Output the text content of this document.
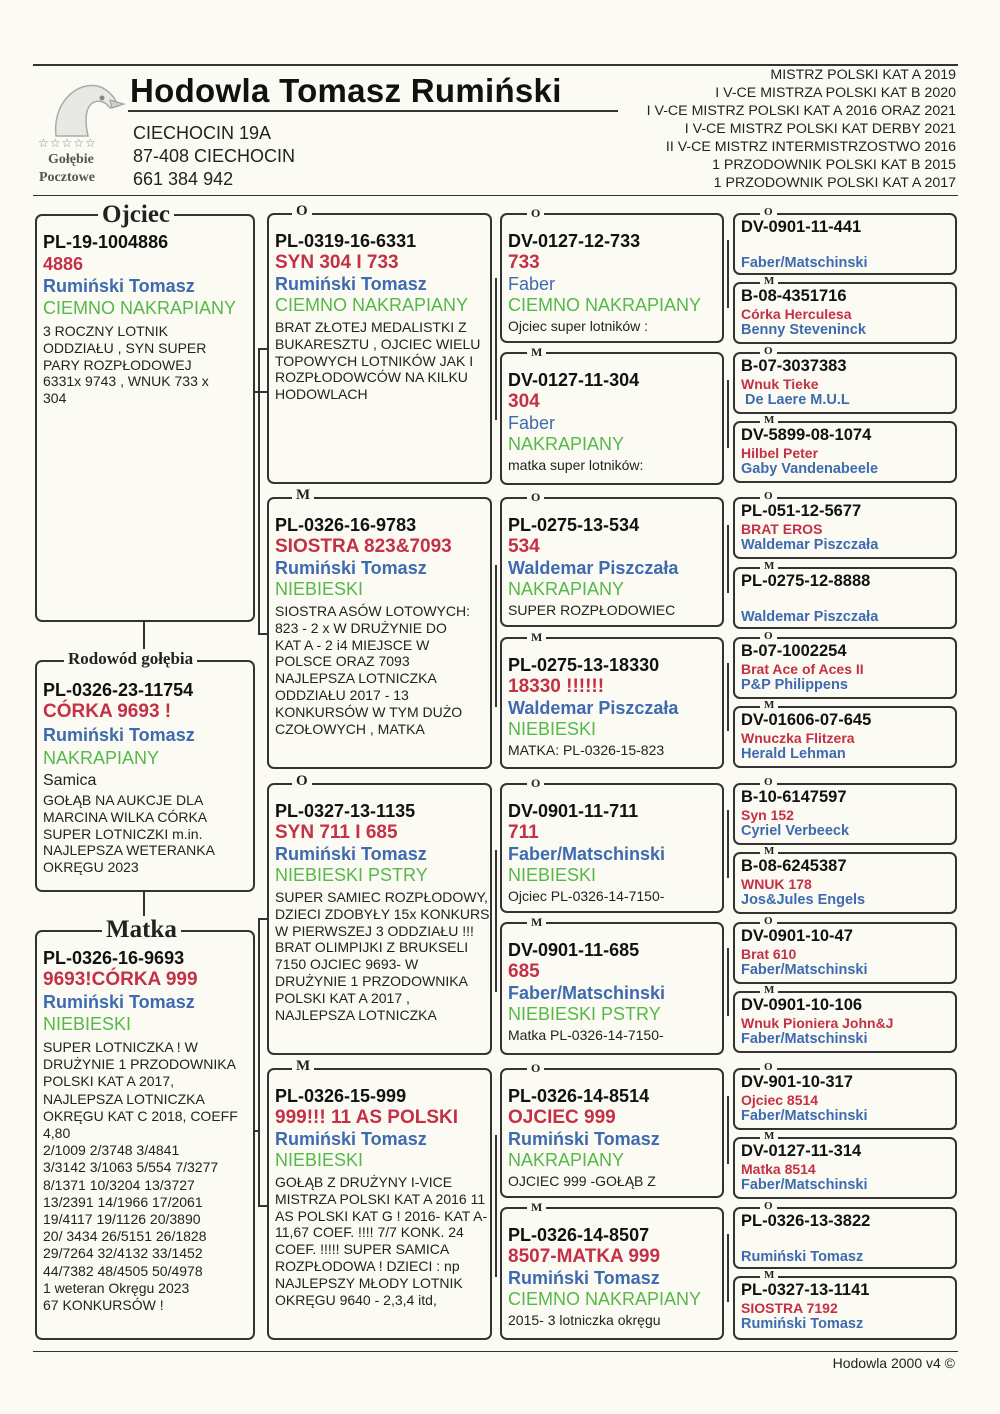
☆☆☆☆☆
Gołębie
Pocztowe
Hodowla Tomasz Rumiński
CIECHOCIN 19A
87-408 CIECHOCIN
661 384 942
MISTRZ POLSKI KAT A 2019
I V-CE MISTRZA POLSKI KAT B 2020
I V-CE MISTRZ POLSKI KAT A 2016 ORAZ 2021
I V-CE MISTRZ POLSKI KAT DERBY 2021
II V-CE MISTRZ INTERMISTRZOSTWO 2016
1 PRZODOWNIK POLSKI KAT B 2015
1 PRZODOWNIK POLSKI KAT A 2017
PL-19-1004886
4886
Rumiński Tomasz
CIEMNO NAKRAPIANY
3 ROCZNY LOTNIK ODDZIAŁU , SYN SUPER PARY ROZPŁODOWEJ 6331x 9743 , WNUK 733 x 304
Ojciec
PL-0326-23-11754
CÓRKA 9693 !
Rumiński Tomasz
NAKRAPIANY
Samica
GOŁĄB NA AUKCJE DLA MARCINA WILKA CÓRKA SUPER LOTNICZKI m.in. NAJLEPSZA WETERANKA OKRĘGU 2023
Rodowód gołębia
PL-0326-16-9693
9693!CÓRKA 999
Rumiński Tomasz
NIEBIESKI
SUPER LOTNICZKA ! W DRUŻYNIE 1 PRZODOWNIKA POLSKI KAT A 2017, NAJLEPSZA LOTNICZKA OKRĘGU KAT C 2018, COEFF 4,80
2/1009 2/3748 3/4841
3/3142 3/1063 5/554 7/3277
8/1371 10/3204 13/3727
13/2391 14/1966 17/2061
19/4117 19/1126 20/3890
20/ 3434 26/5151 26/1828
29/7264 32/4132 33/1452
44/7382 48/4505 50/4978
1 weteran Okręgu 2023
67 KONKURSÓW !
Matka
PL-0319-16-6331
SYN 304 I 733
Rumiński Tomasz
CIEMNO NAKRAPIANY
BRAT ZŁOTEJ MEDALISTKI Z BUKARESZTU , OJCIEC WIELU TOPOWYCH LOTNIKÓW JAK I ROZPŁODOWCÓW NA KILKU HODOWLACH
O
PL-0326-16-9783
SIOSTRA 823&7093
Rumiński Tomasz
NIEBIESKI
SIOSTRA ASÓW LOTOWYCH: 823 - 2 x W DRUŻYNIE DO KAT A - 2 i4 MIEJSCE W POLSCE ORAZ 7093 NAJLEPSZA LOTNICZKA ODDZIAŁU 2017 - 13 KONKURSÓW W TYM DUŻO CZOŁOWYCH , MATKA
M
PL-0327-13-1135
SYN 711 I 685
Rumiński Tomasz
NIEBIESKI PSTRY
SUPER SAMIEC ROZPŁODOWY, DZIECI ZDOBYŁY 15x KONKURS W PIERWSZEJ 3 ODDZIAŁU !!! BRAT OLIMPIJKI Z BRUKSELI 7150 OJCIEC 9693- W DRUŻYNIE 1 PRZODOWNIKA POLSKI KAT A 2017 , NAJLEPSZA LOTNICZKA
O
PL-0326-15-999
999!!! 11 AS POLSKI
Rumiński Tomasz
NIEBIESKI
GOŁĄB Z DRUŻYNY I-VICE MISTRZA POLSKI KAT A 2016 11 AS POLSKI KAT G ! 2016- KAT A-11,67 COEF. !!!! 7/7 KONK. 24 COEF. !!!!! SUPER SAMICA ROZPŁODOWA ! DZIECI : np NAJLEPSZY MŁODY LOTNIK OKRĘGU 9640 - 2,3,4 itd,
M
DV-0127-12-733
733
Faber
CIEMNO NAKRAPIANY
Ojciec super lotników :
O
DV-0127-11-304
304
Faber
NAKRAPIANY
matka super lotników:
M
PL-0275-13-534
534
Waldemar Piszczała
NAKRAPIANY
SUPER ROZPŁODOWIEC
O
PL-0275-13-18330
18330 !!!!!!
Waldemar Piszczała
NIEBIESKI
MATKA: PL-0326-15-823
M
DV-0901-11-711
711
Faber/Matschinski
NIEBIESKI
Ojciec PL-0326-14-7150-
O
DV-0901-11-685
685
Faber/Matschinski
NIEBIESKI PSTRY
Matka PL-0326-14-7150-
M
PL-0326-14-8514
OJCIEC 999
Rumiński Tomasz
NAKRAPIANY
OJCIEC 999 -GOŁĄB Z
O
PL-0326-14-8507
8507-MATKA 999
Rumiński Tomasz
CIEMNO NAKRAPIANY
2015- 3 lotniczka okręgu
M
DV-0901-11-441
Faber/Matschinski
O
B-08-4351716
Córka Herculesa
Benny Steveninck
M
B-07-3037383
Wnuk Tieke
De Laere M.U.L
O
DV-5899-08-1074
Hilbel Peter
Gaby Vandenabeele
M
PL-051-12-5677
BRAT EROS
Waldemar Piszczała
O
PL-0275-12-8888
Waldemar Piszczała
M
B-07-1002254
Brat Ace of Aces II
P&P Philippens
O
DV-01606-07-645
Wnuczka Flitzera
Herald Lehman
M
B-10-6147597
Syn 152
Cyriel Verbeeck
O
B-08-6245387
WNUK 178
Jos&Jules Engels
M
DV-0901-10-47
Brat 610
Faber/Matschinski
O
DV-0901-10-106
Wnuk Pioniera John&J
Faber/Matschinski
M
DV-901-10-317
Ojciec 8514
Faber/Matschinski
O
DV-0127-11-314
Matka 8514
Faber/Matschinski
M
PL-0326-13-3822
Rumiński Tomasz
O
PL-0327-13-1141
SIOSTRA 7192
Rumiński Tomasz
M
Hodowla 2000 v4 ©
